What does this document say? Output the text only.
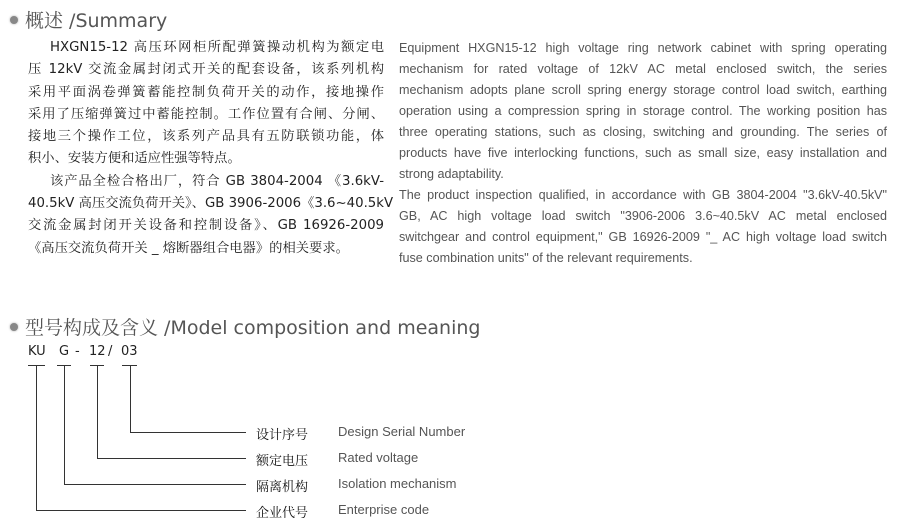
概述 /Summary
HXGN15-12 高压环网柜所配弹簧操动机构为额定电
压 12kV 交流金属封闭式开关的配套设备，该系列机构
采用平面涡卷弹簧蓄能控制负荷开关的动作，接地操作
采用了压缩弹簧过中蓄能控制。工作位置有合闸、分闸、
接地三个操作工位，该系列产品具有五防联锁功能，体
积小、安装方便和适应性强等特点。
该产品全检合格出厂，符合 GB 3804-2004 《3.6kV-
40.5kV 高压交流负荷开关》、GB 3906-2006《3.6~40.5kV
交流金属封闭开关设备和控制设备》、GB 16926-2009
《高压交流负荷开关 _ 熔断器组合电器》的相关要求。
Equipment HXGN15-12 high voltage ring network cabinet with spring operating
mechanism for rated voltage of 12kV AC metal enclosed switch, the series
mechanism adopts plane scroll spring energy storage control load switch, earthing
operation using a compression spring in storage control. The working position has
three operating stations, such as closing, switching and grounding. The series of
products have five interlocking functions, such as small size, easy installation and
strong adaptability.
The product inspection qualified, in accordance with GB 3804-2004 "3.6kV-40.5kV"
GB, AC high voltage load switch "3906-2006 3.6~40.5kV AC metal enclosed
switchgear and control equipment," GB 16926-2009 "_ AC high voltage load switch
fuse combination units" of the relevant requirements.
型号构成及含义 /Model composition and meaning
KU G - 12 / 03
设计序号 Design Serial Number
额定电压 Rated voltage
隔离机构 Isolation mechanism
企业代号 Enterprise code
